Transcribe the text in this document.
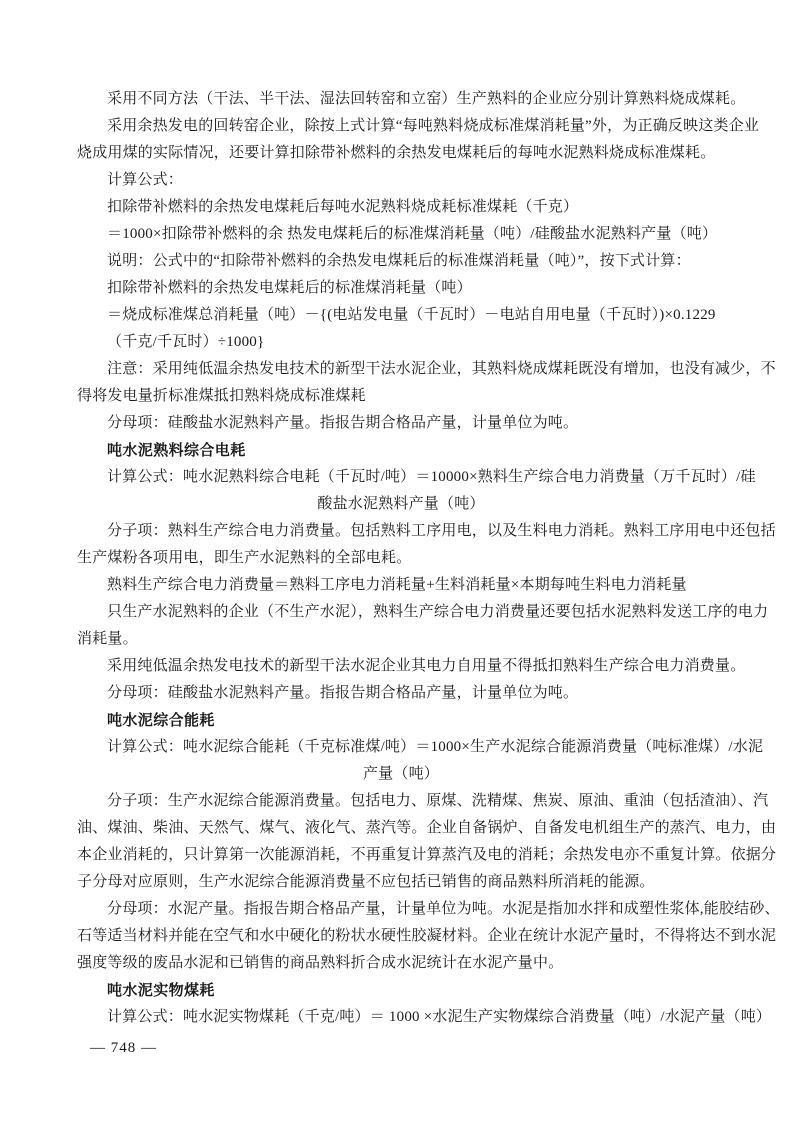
采用不同方法（干法、半干法、湿法回转窑和立窑）生产熟料的企业应分别计算熟料烧成煤耗。
采用余热发电的回转窑企业，除按上式计算“每吨熟料烧成标准煤消耗量”外，为正确反映这类企业
烧成用煤的实际情况，还要计算扣除带补燃料的余热发电煤耗后的每吨水泥熟料烧成标准煤耗。
计算公式：
扣除带补燃料的余热发电煤耗后每吨水泥熟料烧成耗标准煤耗（千克）
＝1000×扣除带补燃料的余 热发电煤耗后的标准煤消耗量（吨）/硅酸盐水泥熟料产量（吨）
说明：公式中的“扣除带补燃料的余热发电煤耗后的标准煤消耗量（吨）”，按下式计算：
扣除带补燃料的余热发电煤耗后的标准煤消耗量（吨）
＝烧成标准煤总消耗量（吨）－{(电站发电量（千瓦时）－电站自用电量（千瓦时）)×0.1229
（千克/千瓦时）÷1000}
注意：采用纯低温余热发电技术的新型干法水泥企业，其熟料烧成煤耗既没有增加，也没有减少，不
得将发电量折标准煤抵扣熟料烧成标准煤耗
分母项：硅酸盐水泥熟料产量。指报告期合格品产量，计量单位为吨。
吨水泥熟料综合电耗
计算公式：吨水泥熟料综合电耗（千瓦时/吨）＝10000×熟料生产综合电力消费量（万千瓦时）/硅
酸盐水泥熟料产量（吨）
分子项：熟料生产综合电力消费量。包括熟料工序用电，以及生料电力消耗。熟料工序用电中还包括
生产煤粉各项用电，即生产水泥熟料的全部电耗。
熟料生产综合电力消费量＝熟料工序电力消耗量+生料消耗量×本期每吨生料电力消耗量
只生产水泥熟料的企业（不生产水泥），熟料生产综合电力消费量还要包括水泥熟料发送工序的电力
消耗量。
采用纯低温余热发电技术的新型干法水泥企业其电力自用量不得抵扣熟料生产综合电力消费量。
分母项：硅酸盐水泥熟料产量。指报告期合格品产量，计量单位为吨。
吨水泥综合能耗
计算公式：吨水泥综合能耗（千克标准煤/吨）＝1000×生产水泥综合能源消费量（吨标准煤）/水泥
产量（吨）
分子项：生产水泥综合能源消费量。包括电力、原煤、洗精煤、焦炭、原油、重油（包括渣油）、汽
油、煤油、柴油、天然气、煤气、液化气、蒸汽等。企业自备锅炉、自备发电机组生产的蒸汽、电力，由
本企业消耗的，只计算第一次能源消耗，不再重复计算蒸汽及电的消耗；余热发电亦不重复计算。依据分
子分母对应原则，生产水泥综合能源消费量不应包括已销售的商品熟料所消耗的能源。
分母项：水泥产量。指报告期合格品产量，计量单位为吨。水泥是指加水拌和成塑性浆体,能胶结砂、
石等适当材料并能在空气和水中硬化的粉状水硬性胶凝材料。企业在统计水泥产量时，不得将达不到水泥
强度等级的废品水泥和已销售的商品熟料折合成水泥统计在水泥产量中。
吨水泥实物煤耗
计算公式：吨水泥实物煤耗（千克/吨）＝ 1000 ×水泥生产实物煤综合消费量（吨）/水泥产量（吨）
— 748 —
